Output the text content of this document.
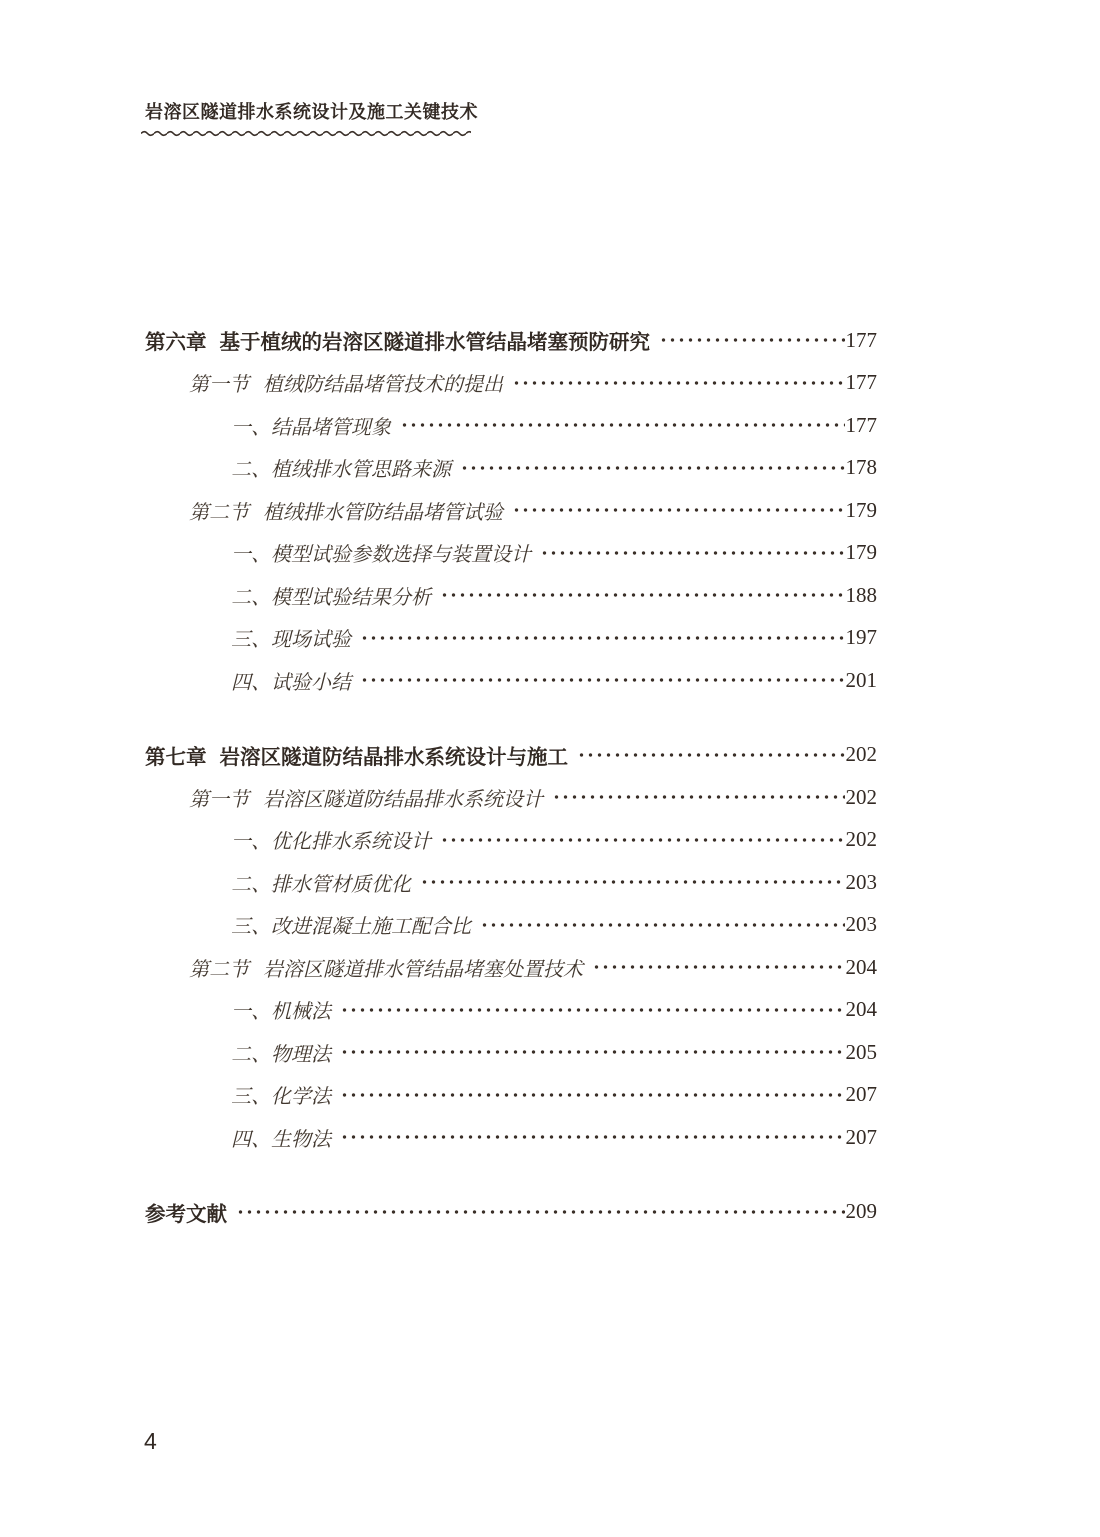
岩溶区隧道排水系统设计及施工关键技术
第六章 基于植绒的岩溶区隧道排水管结晶堵塞预防研究	177
第一节 植绒防结晶堵管技术的提出	177
一、 结晶堵管现象	177
二、 植绒排水管思路来源	178
第二节 植绒排水管防结晶堵管试验	179
一、 模型试验参数选择与装置设计	179
二、 模型试验结果分析	188
三、 现场试验	197
四、 试验小结	201
第七章 岩溶区隧道防结晶排水系统设计与施工	202
第一节 岩溶区隧道防结晶排水系统设计	202
一、 优化排水系统设计	202
二、 排水管材质优化	203
三、 改进混凝土施工配合比	203
第二节 岩溶区隧道排水管结晶堵塞处置技术	204
一、 机械法	204
二、 物理法	205
三、 化学法	207
四、 生物法	207
参考文献	209
4
